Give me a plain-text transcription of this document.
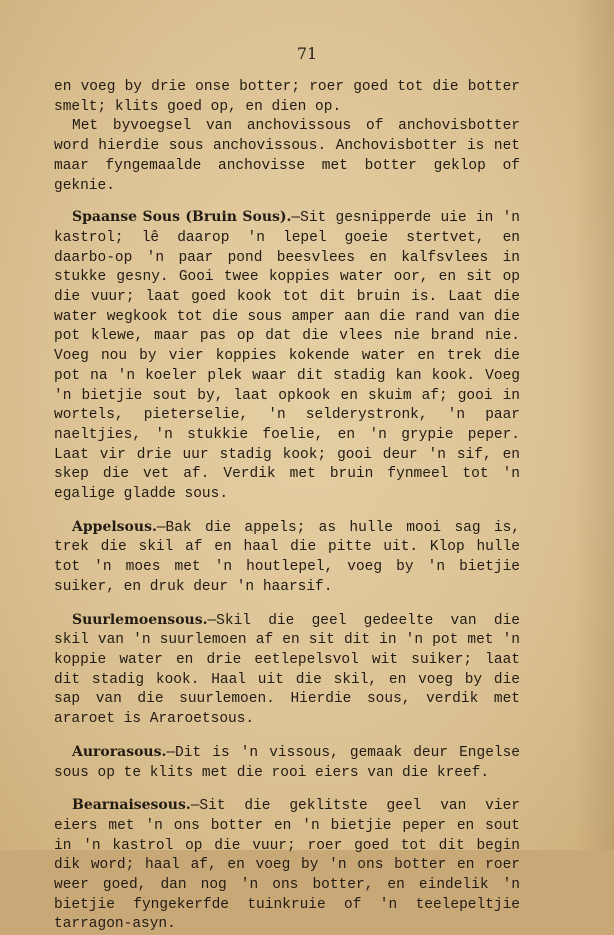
71

en voeg by drie onse botter; roer goed tot die botter smelt; klits goed op, en dien op.

Met byvoegsel van anchovissous of anchovisbotter word hierdie sous anchovissous. Anchovisbotter is net maar fyngemaalde anchovisse met botter geklop of geknie.

Spaanse Sous (Bruin Sous).—Sit gesnipperde uie in 'n kastrol; lê daarop 'n lepel goeie stertvet, en daarbo-op 'n paar pond beesvlees en kalfsvlees in stukke gesny. Gooi twee koppies water oor, en sit op die vuur; laat goed kook tot dit bruin is. Laat die water wegkook tot die sous amper aan die rand van die pot klewe, maar pas op dat die vlees nie brand nie. Voeg nou by vier koppies kokende water en trek die pot na 'n koeler plek waar dit stadig kan kook. Voeg 'n bietjie sout by, laat opkook en skuim af; gooi in wortels, pieterselie, 'n selderystronk, 'n paar naeltjies, 'n stukkie foelie, en 'n grypie peper. Laat vir drie uur stadig kook; gooi deur 'n sif, en skep die vet af. Verdik met bruin fynmeel tot 'n egalige gladde sous.

Appelsous.—Bak die appels; as hulle mooi sag is, trek die skil af en haal die pitte uit. Klop hulle tot 'n moes met 'n houtlepel, voeg by 'n bietjie suiker, en druk deur 'n haarsif.

Suurlemoensous.—Skil die geel gedeelte van die skil van 'n suurlemoen af en sit dit in 'n pot met 'n koppie water en drie eetlepelsvol wit suiker; laat dit stadig kook. Haal uit die skil, en voeg by die sap van die suurlemoen. Hierdie sous, verdik met araroet is Araroetsous.

Aurorasous.—Dit is 'n vissous, gemaak deur Engelse sous op te klits met die rooi eiers van die kreef.

Bearnaisesous.—Sit die geklitste geel van vier eiers met 'n ons botter en 'n bietjie peper en sout in 'n kastrol op die vuur; roer goed tot dit begin dik word; haal af, en voeg by 'n ons botter en roer weer goed, dan nog 'n ons botter, en eindelik 'n bietjie fyngekerfde tuinkruie of 'n teelepeltjie tarragon-asyn.
